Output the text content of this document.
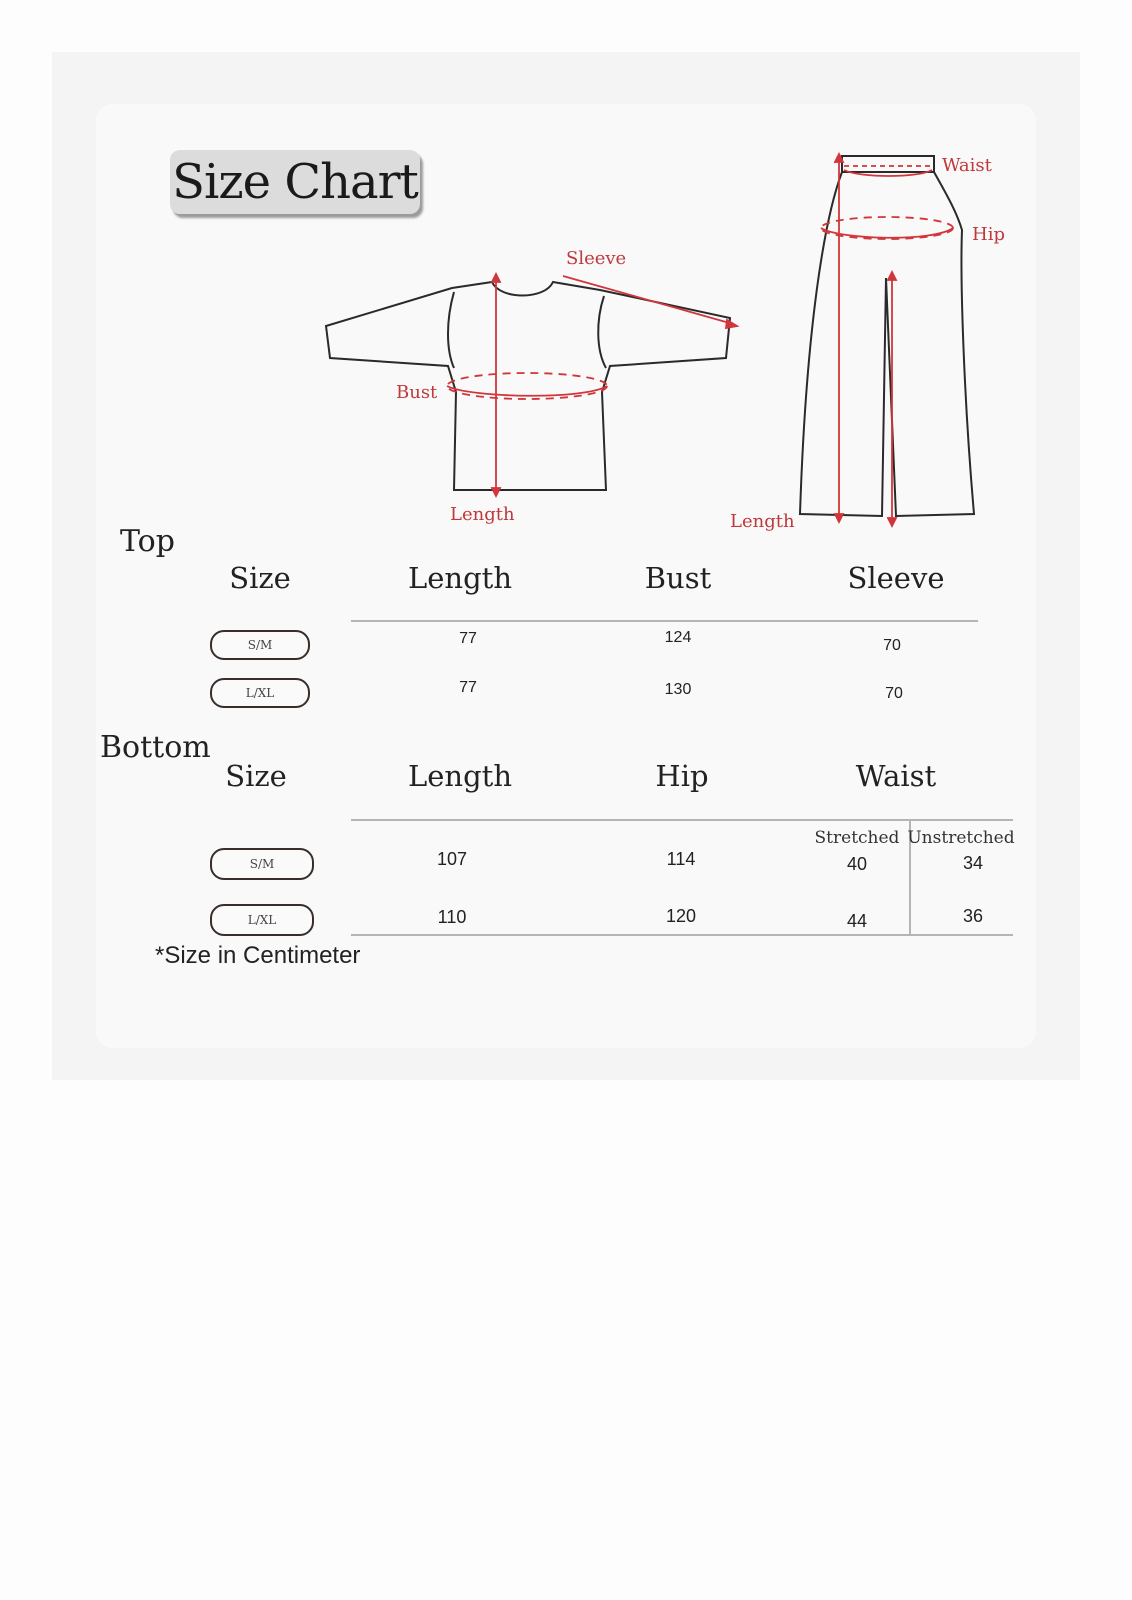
Size Chart
Sleeve
Bust
Length
Waist
Hip
Length
Top
Size	Length	Bust	Sleeve
S/M	77	124	70
L/XL	77	130	70
Bottom
Size	Length	Hip	Waist
Stretched Unstretched
S/M	107	114	40	34
L/XL	110	120	44	36
*Size in Centimeter
